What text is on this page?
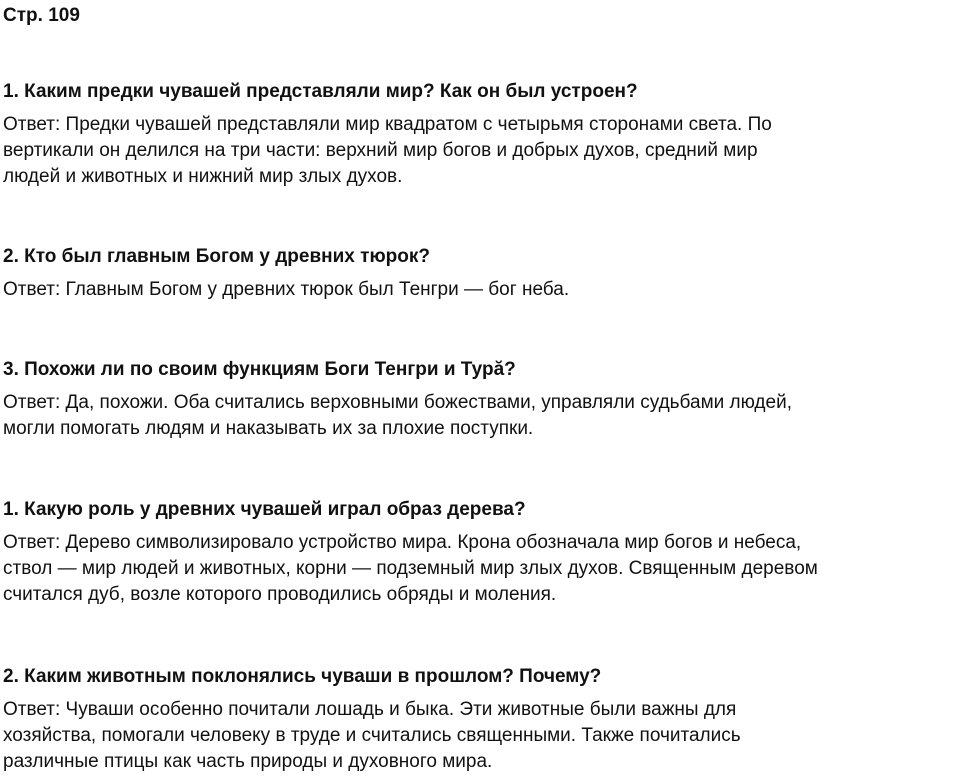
Стр. 109

1. Каким предки чувашей представляли мир? Как он был устроен?

Ответ: Предки чувашей представляли мир квадратом с четырьмя сторонами света. По
вертикали он делился на три части: верхний мир богов и добрых духов, средний мир
людей и животных и нижний мир злых духов.

2. Кто был главным Богом у древних тюрок?

Ответ: Главным Богом у древних тюрок был Тенгри — бог неба.

3. Похожи ли по своим функциям Боги Тенгри и Турӑ?

Ответ: Да, похожи. Оба считались верховными божествами, управляли судьбами людей,
могли помогать людям и наказывать их за плохие поступки.

1. Какую роль у древних чувашей играл образ дерева?

Ответ: Дерево символизировало устройство мира. Крона обозначала мир богов и небеса,
ствол — мир людей и животных, корни — подземный мир злых духов. Священным деревом
считался дуб, возле которого проводились обряды и моления.

2. Каким животным поклонялись чуваши в прошлом? Почему?

Ответ: Чуваши особенно почитали лошадь и быка. Эти животные были важны для
хозяйства, помогали человеку в труде и считались священными. Также почитались
различные птицы как часть природы и духовного мира.
